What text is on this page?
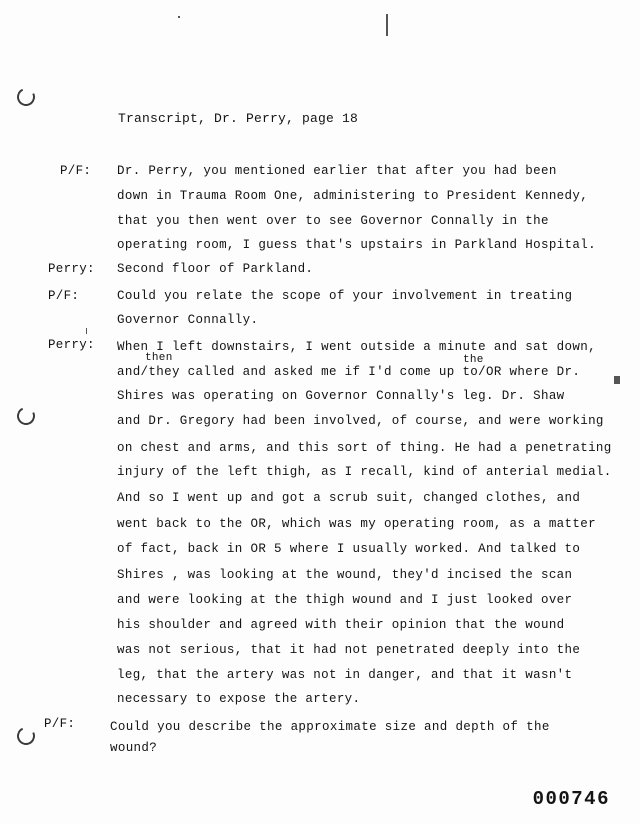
Transcript, Dr. Perry, page 18
P/F: Dr. Perry, you mentioned earlier that after you had been
down in Trauma Room One, administering to President Kennedy,
that you then went over to see Governor Connally in the
operating room, I guess that's upstairs in Parkland Hospital.
Perry: Second floor of Parkland.
P/F:	Could you relate the scope of your involvement in treating
Governor Connally.
Perry: When I left downstairs, I went outside a minute and sat down,
then	the
and/they called and asked me if I'd come up to/OR where Dr.
Shires was operating on Governor Connally's leg. Dr. Shaw
and Dr. Gregory had been involved, of course, and were working
on chest and arms, and this sort of thing. He had a penetrating
injury of the left thigh, as I recall, kind of anterial medial.
And so I went up and got a scrub suit, changed clothes, and
went back to the OR, which was my operating room, as a matter
of fact, back in OR 5 where I usually worked. And talked to
Shires , was looking at the wound, they'd incised the scan
and were looking at the thigh wound and I just looked over
his shoulder and agreed with their opinion that the wound
was not serious, that it had not penetrated deeply into the
leg, that the artery was not in danger, and that it wasn't
necessary to expose the artery.
P/F:	Could you describe the approximate size and depth of the
wound?
000746
